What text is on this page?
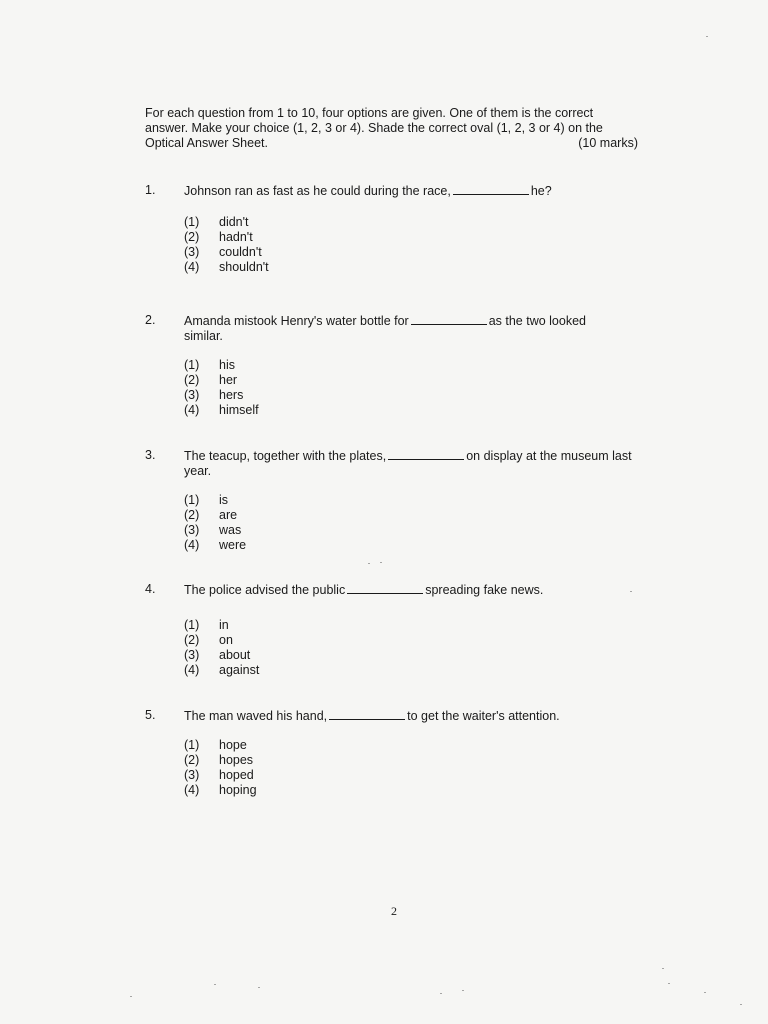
For each question from 1 to 10, four options are given. One of them is the correct
answer. Make your choice (1, 2, 3 or 4). Shade the correct oval (1, 2, 3 or 4) on the
Optical Answer Sheet.	(10 marks)
1.	Johnson ran as fast as he could during the race,	he?
(1) didn't
(2) hadn't
(3) couldn't
(4) shouldn't
2.	Amanda mistook Henry's water bottle for	as the two looked similar.
(1) his
(2) her
(3) hers
(4) himself
3.	The teacup, together with the plates,	on display at the museum last year.
(1) is
(2) are
(3) was
(4) were
4.	The police advised the public	spreading fake news.
(1) in
(2) on
(3) about
(4) against
5.	The man waved his hand,	to get the waiter's attention.
(1) hope
(2) hopes
(3) hoped
(4) hoping
2
